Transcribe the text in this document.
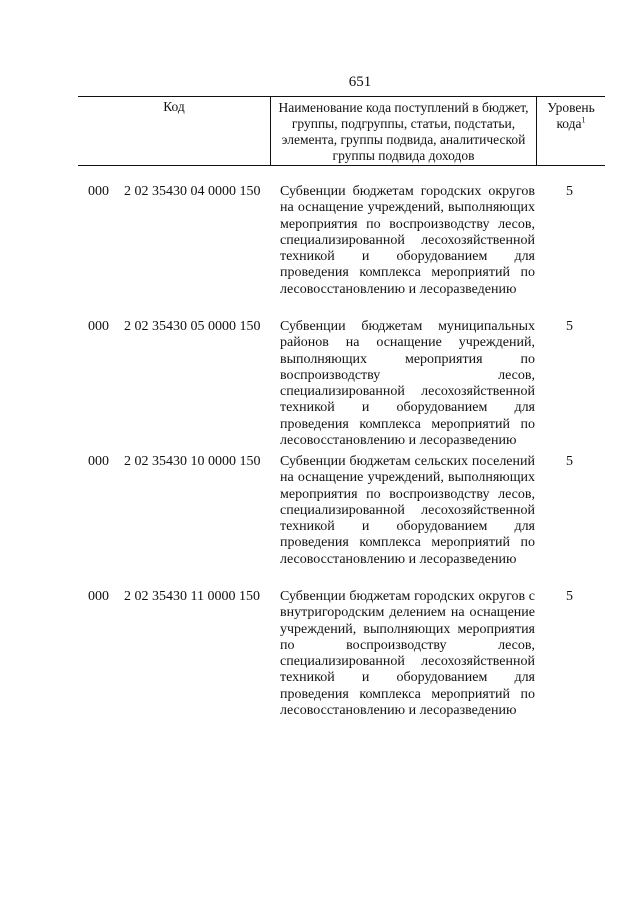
651
Код	Наименование кода поступлений в бюджет, группы, подгруппы, статьи, подстатьи, элемента, группы подвида, аналитической группы подвида доходов
Уровень кода$^1$
000 2 02 35430 04 0000 150 Субвенции бюджетам городских округов на оснащение учреждений, выполняющих мероприятия по воспроизводству лесов, специализированной лесохозяйственной техникой и оборудованием для проведения комплекса мероприятий по лесовосстановлению и лесоразведению
5
000 2 02 35430 05 0000 150 Субвенции бюджетам муниципальных районов на оснащение учреждений, выполняющих мероприятия по воспроизводству лесов, специализированной лесохозяйственной техникой и оборудованием для проведения комплекса мероприятий по лесовосстановлению и лесоразведению
5
000 2 02 35430 10 0000 150 Субвенции бюджетам сельских поселений на оснащение учреждений, выполняющих мероприятия по воспроизводству лесов, специализированной лесохозяйственной техникой и оборудованием для проведения комплекса мероприятий по лесовосстановлению и лесоразведению
5
000 2 02 35430 11 0000 150 Субвенции бюджетам городских округов с внутригородским делением на оснащение учреждений, выполняющих мероприятия по воспроизводству лесов, специализированной лесохозяйственной техникой и оборудованием для проведения комплекса мероприятий по лесовосстановлению и лесоразведению
5
